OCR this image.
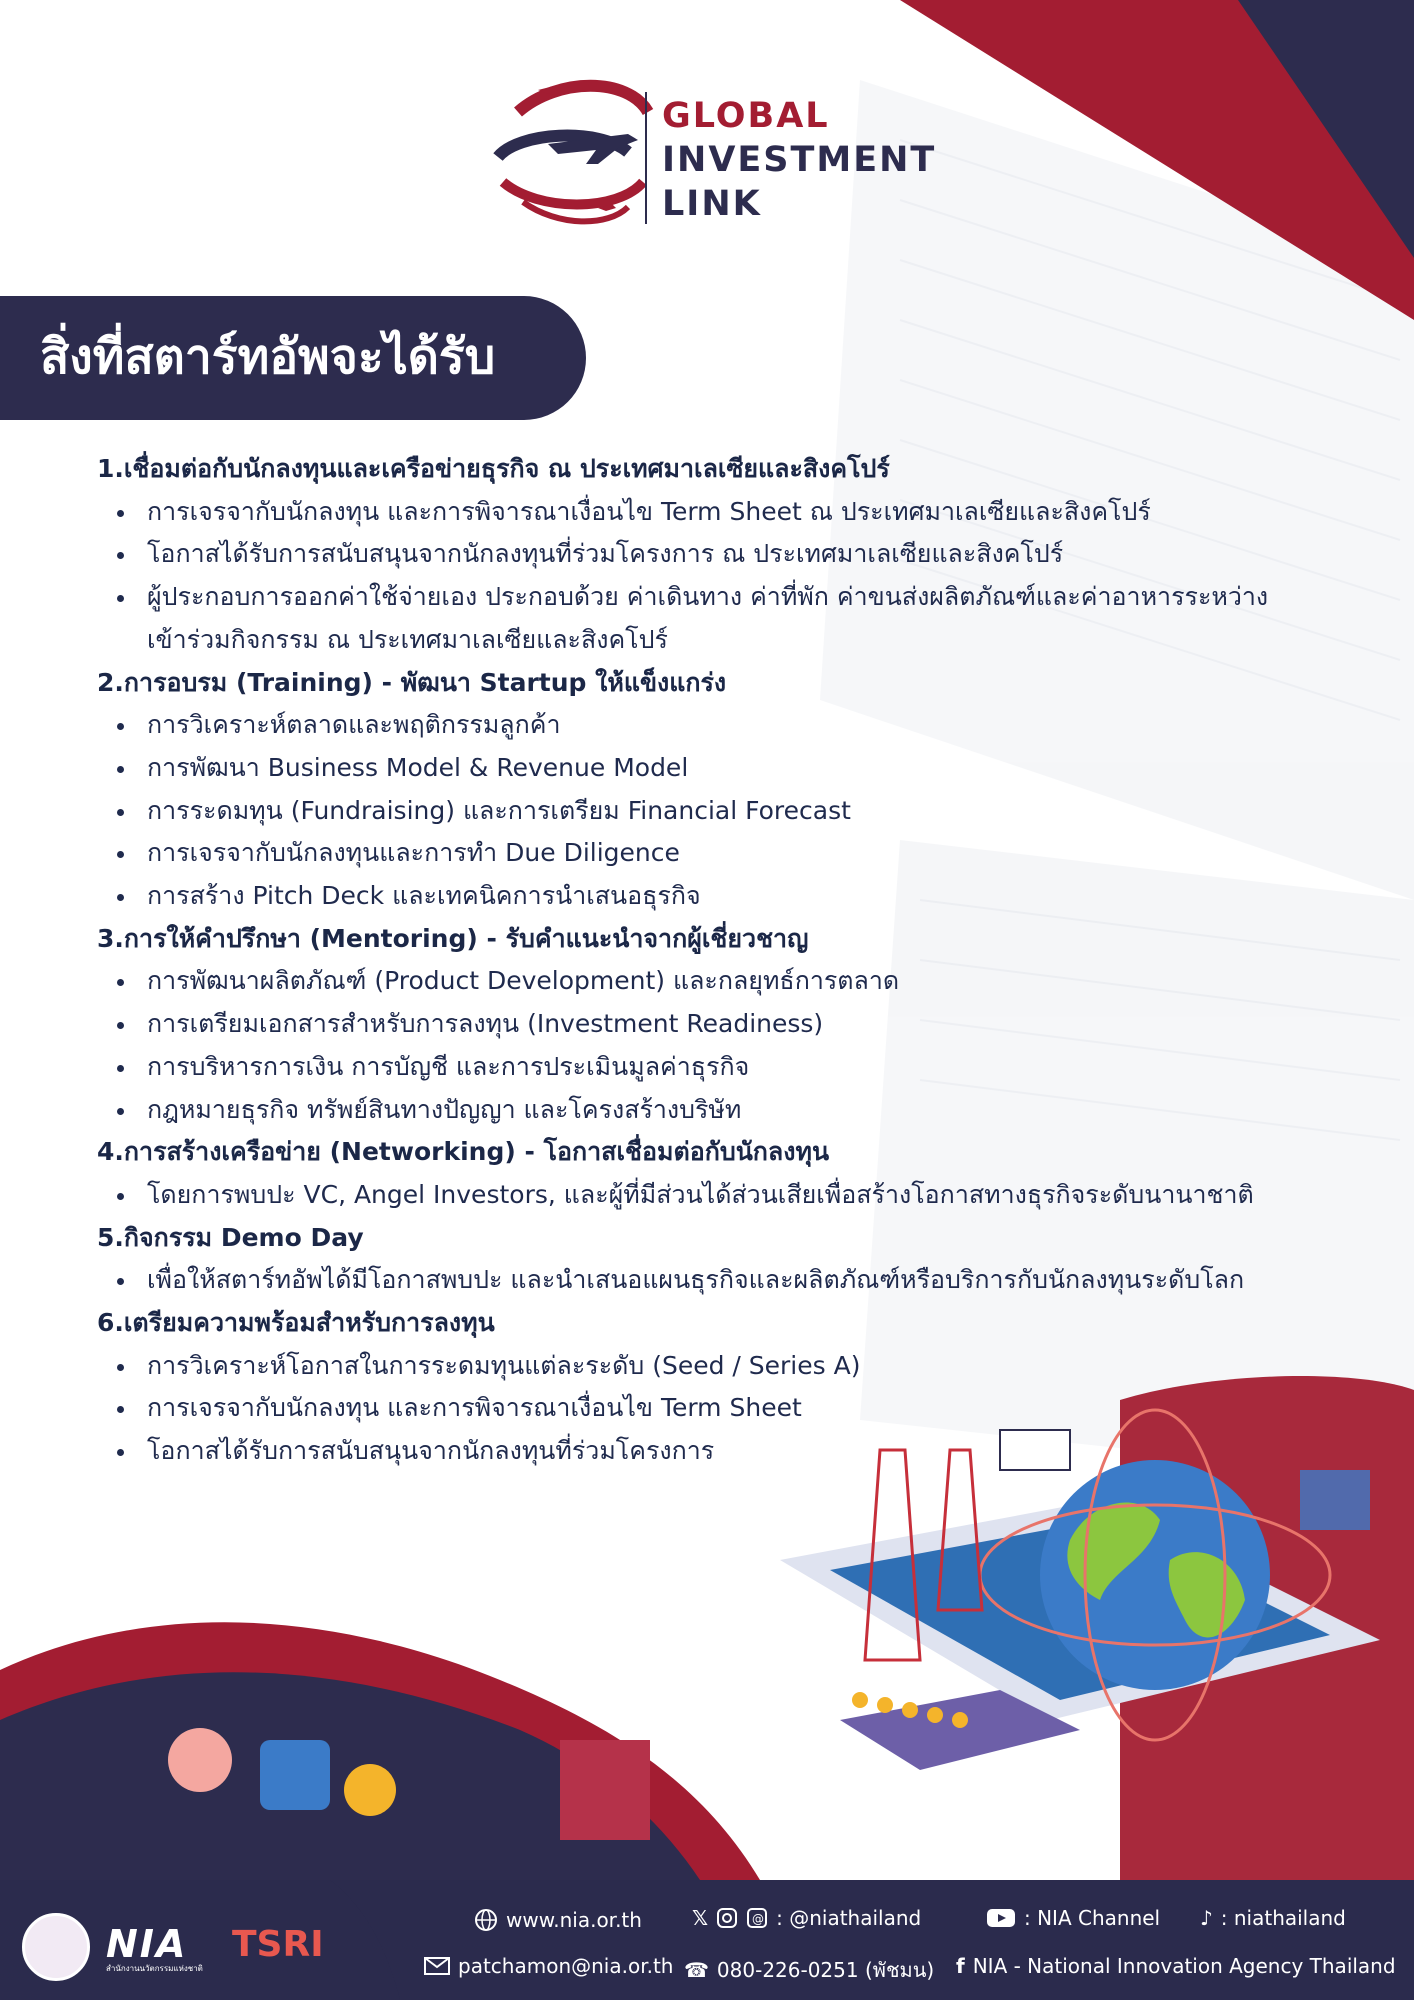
GLOBAL
INVESTMENT
LINK
สิ่งที่สตาร์ทอัพจะได้รับ
1.เชื่อมต่อกับนักลงทุนและเครือข่ายธุรกิจ ณ ประเทศมาเลเซียและสิงคโปร์
การเจรจากับนักลงทุน และการพิจารณาเงื่อนไข Term Sheet ณ ประเทศมาเลเซียและสิงคโปร์
โอกาสได้รับการสนับสนุนจากนักลงทุนที่ร่วมโครงการ ณ ประเทศมาเลเซียและสิงคโปร์
ผู้ประกอบการออกค่าใช้จ่ายเอง ประกอบด้วย ค่าเดินทาง ค่าที่พัก ค่าขนส่งผลิตภัณฑ์และค่าอาหารระหว่าง เข้าร่วมกิจกรรม ณ ประเทศมาเลเซียและสิงคโปร์
2.การอบรม (Training) - พัฒนา Startup ให้แข็งแกร่ง
การวิเคราะห์ตลาดและพฤติกรรมลูกค้า
การพัฒนา Business Model & Revenue Model
การระดมทุน (Fundraising) และการเตรียม Financial Forecast
การเจรจากับนักลงทุนและการทำ Due Diligence
การสร้าง Pitch Deck และเทคนิคการนำเสนอธุรกิจ
3.การให้คำปรึกษา (Mentoring) - รับคำแนะนำจากผู้เชี่ยวชาญ
การพัฒนาผลิตภัณฑ์ (Product Development) และกลยุทธ์การตลาด
การเตรียมเอกสารสำหรับการลงทุน (Investment Readiness)
การบริหารการเงิน การบัญชี และการประเมินมูลค่าธุรกิจ
กฎหมายธุรกิจ ทรัพย์สินทางปัญญา และโครงสร้างบริษัท
4.การสร้างเครือข่าย (Networking) - โอกาสเชื่อมต่อกับนักลงทุน
โดยการพบปะ VC, Angel Investors, และผู้ที่มีส่วนได้ส่วนเสียเพื่อสร้างโอกาสทางธุรกิจระดับนานาชาติ
5.กิจกรรม Demo Day
เพื่อให้สตาร์ทอัพได้มีโอกาสพบปะ และนำเสนอแผนธุรกิจและผลิตภัณฑ์หรือบริการกับนักลงทุนระดับโลก
6.เตรียมความพร้อมสำหรับการลงทุน
การวิเคราะห์โอกาสในการระดมทุนแต่ละระดับ (Seed / Series A)
การเจรจากับนักลงทุน และการพิจารณาเงื่อนไข Term Sheet
โอกาสได้รับการสนับสนุนจากนักลงทุนที่ร่วมโครงการ
NIA
สำนักงานนวัตกรรมแห่งชาติ
TSRI
www.nia.or.th	𝕏	@ : @niathailand	: NIA Channel ♪ : niathailand
patchamon@nia.or.th ☎ 080-226-0251 (พัชมน) f NIA - National Innovation Agency Thailand
